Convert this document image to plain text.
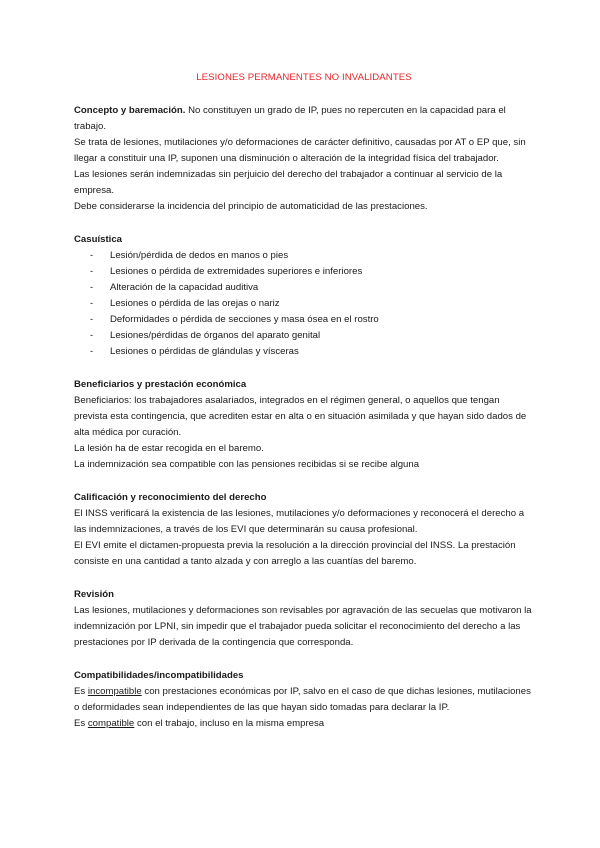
LESIONES PERMANENTES NO INVALIDANTES

Concepto y baremación. No constituyen un grado de IP, pues no repercuten en la capacidad para el trabajo.

Se trata de lesiones, mutilaciones y/o deformaciones de carácter definitivo, causadas por AT o EP que, sin llegar a constituir una IP, suponen una disminución o alteración de la integridad física del trabajador.

Las lesiones serán indemnizadas sin perjuicio del derecho del trabajador a continuar al servicio de la empresa.

Debe considerarse la incidencia del principio de automaticidad de las prestaciones.

Casuística

- Lesión/pérdida de dedos en manos o pies
- Lesiones o pérdida de extremidades superiores e inferiores
- Alteración de la capacidad auditiva
- Lesiones o pérdida de las orejas o nariz
- Deformidades o pérdida de secciones y masa ósea en el rostro
- Lesiones/pérdidas de órganos del aparato genital
- Lesiones o pérdidas de glándulas y vísceras

Beneficiarios y prestación económica

Beneficiarios: los trabajadores asalariados, integrados en el régimen general, o aquellos que tengan prevista esta contingencia, que acrediten estar en alta o en situación asimilada y que hayan sido dados de alta médica por curación.

La lesión ha de estar recogida en el baremo.

La indemnización sea compatible con las pensiones recibidas si se recibe alguna

Calificación y reconocimiento del derecho

El INSS verificará la existencia de las lesiones, mutilaciones y/o deformaciones y reconocerá el derecho a las indemnizaciones, a través de los EVI que determinarán su causa profesional.

El EVI emite el dictamen-propuesta previa la resolución a la dirección provincial del INSS. La prestación consiste en una cantidad a tanto alzada y con arreglo a las cuantías del baremo.

Revisión

Las lesiones, mutilaciones y deformaciones son revisables por agravación de las secuelas que motivaron la indemnización por LPNI, sin impedir que el trabajador pueda solicitar el reconocimiento del derecho a las prestaciones por IP derivada de la contingencia que corresponda.

Compatibilidades/incompatibilidades

Es incompatible con prestaciones económicas por IP, salvo en el caso de que dichas lesiones, mutilaciones o deformidades sean independientes de las que hayan sido tomadas para declarar la IP.

Es compatible con el trabajo, incluso en la misma empresa
